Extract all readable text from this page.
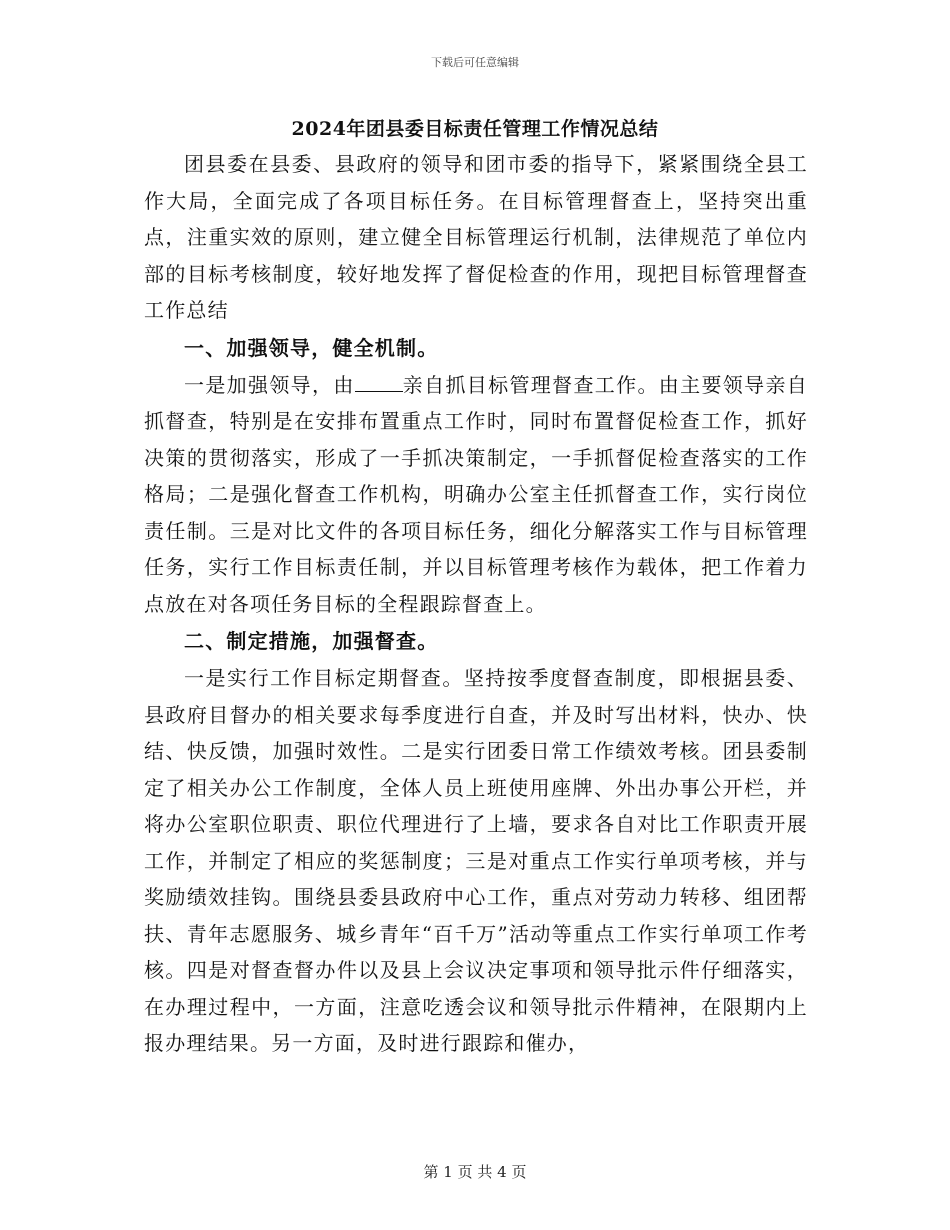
下载后可任意编辑
2024年团县委目标责任管理工作情况总结

团县委在县委、县政府的领导和团市委的指导下，紧紧围绕全县工作大局，全面完成了各项目标任务。在目标管理督查上，坚持突出重点，注重实效的原则，建立健全目标管理运行机制，法律规范了单位内部的目标考核制度，较好地发挥了督促检查的作用，现把目标管理督查工作总结

一、加强领导，健全机制。

一是加强领导，由 亲自抓目标管理督查工作。由主要领导亲自抓督查，特别是在安排布置重点工作时，同时布置督促检查工作，抓好决策的贯彻落实，形成了一手抓决策制定，一手抓督促检查落实的工作格局；二是强化督查工作机构，明确办公室主任抓督查工作，实行岗位责任制。三是对比文件的各项目标任务，细化分解落实工作与目标管理任务，实行工作目标责任制，并以目标管理考核作为载体，把工作着力点放在对各项任务目标的全程跟踪督查上。

二、制定措施，加强督查。

一是实行工作目标定期督查。坚持按季度督查制度，即根据县委、县政府目督办的相关要求每季度进行自查，并及时写出材料，快办、快结、快反馈，加强时效性。二是实行团委日常工作绩效考核。团县委制定了相关办公工作制度，全体人员上班使用座牌、外出办事公开栏，并将办公室职位职责、职位代理进行了上墙，要求各自对比工作职责开展工作，并制定了相应的奖惩制度；三是对重点工作实行单项考核，并与奖励绩效挂钩。围绕县委县政府中心工作，重点对劳动力转移、组团帮扶、青年志愿服务、城乡青年“百千万”活动等重点工作实行单项工作考核。四是对督查督办件以及县上会议决定事项和领导批示件仔细落实，在办理过程中，一方面，注意吃透会议和领导批示件精神，在限期内上报办理结果。另一方面，及时进行跟踪和催办，

第 1 页 共 4 页
